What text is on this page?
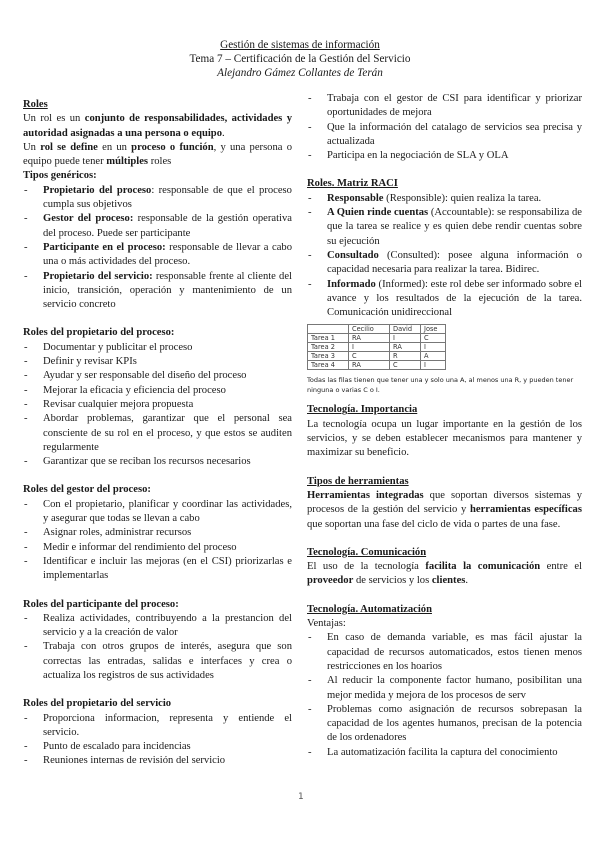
Gestión de sistemas de información
Tema 7 – Certificación de la Gestión del Servicio
Alejandro Gámez Collantes de Terán
Roles

Un rol es un conjunto de responsabilidades, actividades y autoridad asignadas a una persona o equipo.

Un rol se define en un proceso o función, y una persona o equipo puede tener múltiples roles

Tipos genéricos:
- Propietario del proceso: responsable de que el proceso cumpla sus objetivos
- Gestor del proceso: responsable de la gestión operativa del proceso. Puede ser participante
- Participante en el proceso: responsable de llevar a cabo una o más actividades del proceso.
- Propietario del servicio: responsable frente al cliente del inicio, transición, operación y mantenimiento de un servicio concreto
Roles del propietario del proceso:
- Documentar y publicitar el proceso
- Definir y revisar KPIs
- Ayudar y ser responsable del diseño del proceso
- Mejorar la eficacia y eficiencia del proceso
- Revisar cualquier mejora propuesta
- Abordar problemas, garantizar que el personal sea consciente de su rol en el proceso, y que estos se auditen regularmente
- Garantizar que se reciban los recursos necesarios
Roles del gestor del proceso:
- Con el propietario, planificar y coordinar las actividades, y asegurar que todas se llevan a cabo
- Asignar roles, administrar recursos
- Medir e informar del rendimiento del proceso
- Identificar e incluir las mejoras (en el CSI) priorizarlas e implementarlas
Roles del participante del proceso:
- Realiza actividades, contribuyendo a la prestancion del servicio y a la creación de valor
- Trabaja con otros grupos de interés, asegura que son correctas las entradas, salidas e interfaces y crea o actualiza los registros de sus actividades
Roles del propietario del servicio
- Proporciona informacion, representa y entiende el servicio.
- Punto de escalado para incidencias
- Reuniones internas de revisión del servicio
- Trabaja con el gestor de CSI para identificar y priorizar oportunidades de mejora
- Que la información del catalago de servicios sea precisa y actualizada
- Participa en la negociación de SLA y OLA
Roles. Matriz RACI
- Responsable (Responsible): quien realiza la tarea.
- A Quien rinde cuentas (Accountable): se responsabiliza de que la tarea se realice y es quien debe rendir cuentas sobre su ejecución
- Consultado (Consulted): posee alguna información o capacidad necesaria para realizar la tarea. Bidirec.
- Informado (Informed): este rol debe ser informado sobre el avance y los resultados de la ejecución de la tarea. Comunicación unidireccional
	Cecilio	David	Jose
Tarea 1	RA	I	C
Tarea 2	I	RA	I
Tarea 3	C	R	A
Tarea 4	RA	C	I
Todas las filas tienen que tener una y solo una A, al menos una R, y pueden tener ninguna o varias C o I.
Tecnología. Importancia

La tecnología ocupa un lugar importante en la gestión de los servicios, y se deben establecer mecanismos para mantener y maximizar su beneficio.

Tipos de herramientas

Herramientas integradas que soportan diversos sistemas y procesos de la gestión del servicio y herramientas específicas que soportan una fase del ciclo de vida o partes de una fase.

Tecnología. Comunicación

El uso de la tecnología facilita la comunicación entre el proveedor de servicios y los clientes.

Tecnología. Automatización

Ventajas:

- En caso de demanda variable, es mas fácil ajustar la capacidad de recursos automaticados, estos tienen menos restricciones en los hoarios
- Al reducir la componente factor humano, posibilitan una mejor medida y mejora de los procesos de serv
- Problemas como asignación de recursos sobrepasan la capacidad de los agentes humanos, precisan de la potencia de los ordenadores
- La automatización facilita la captura del conocimiento
1
